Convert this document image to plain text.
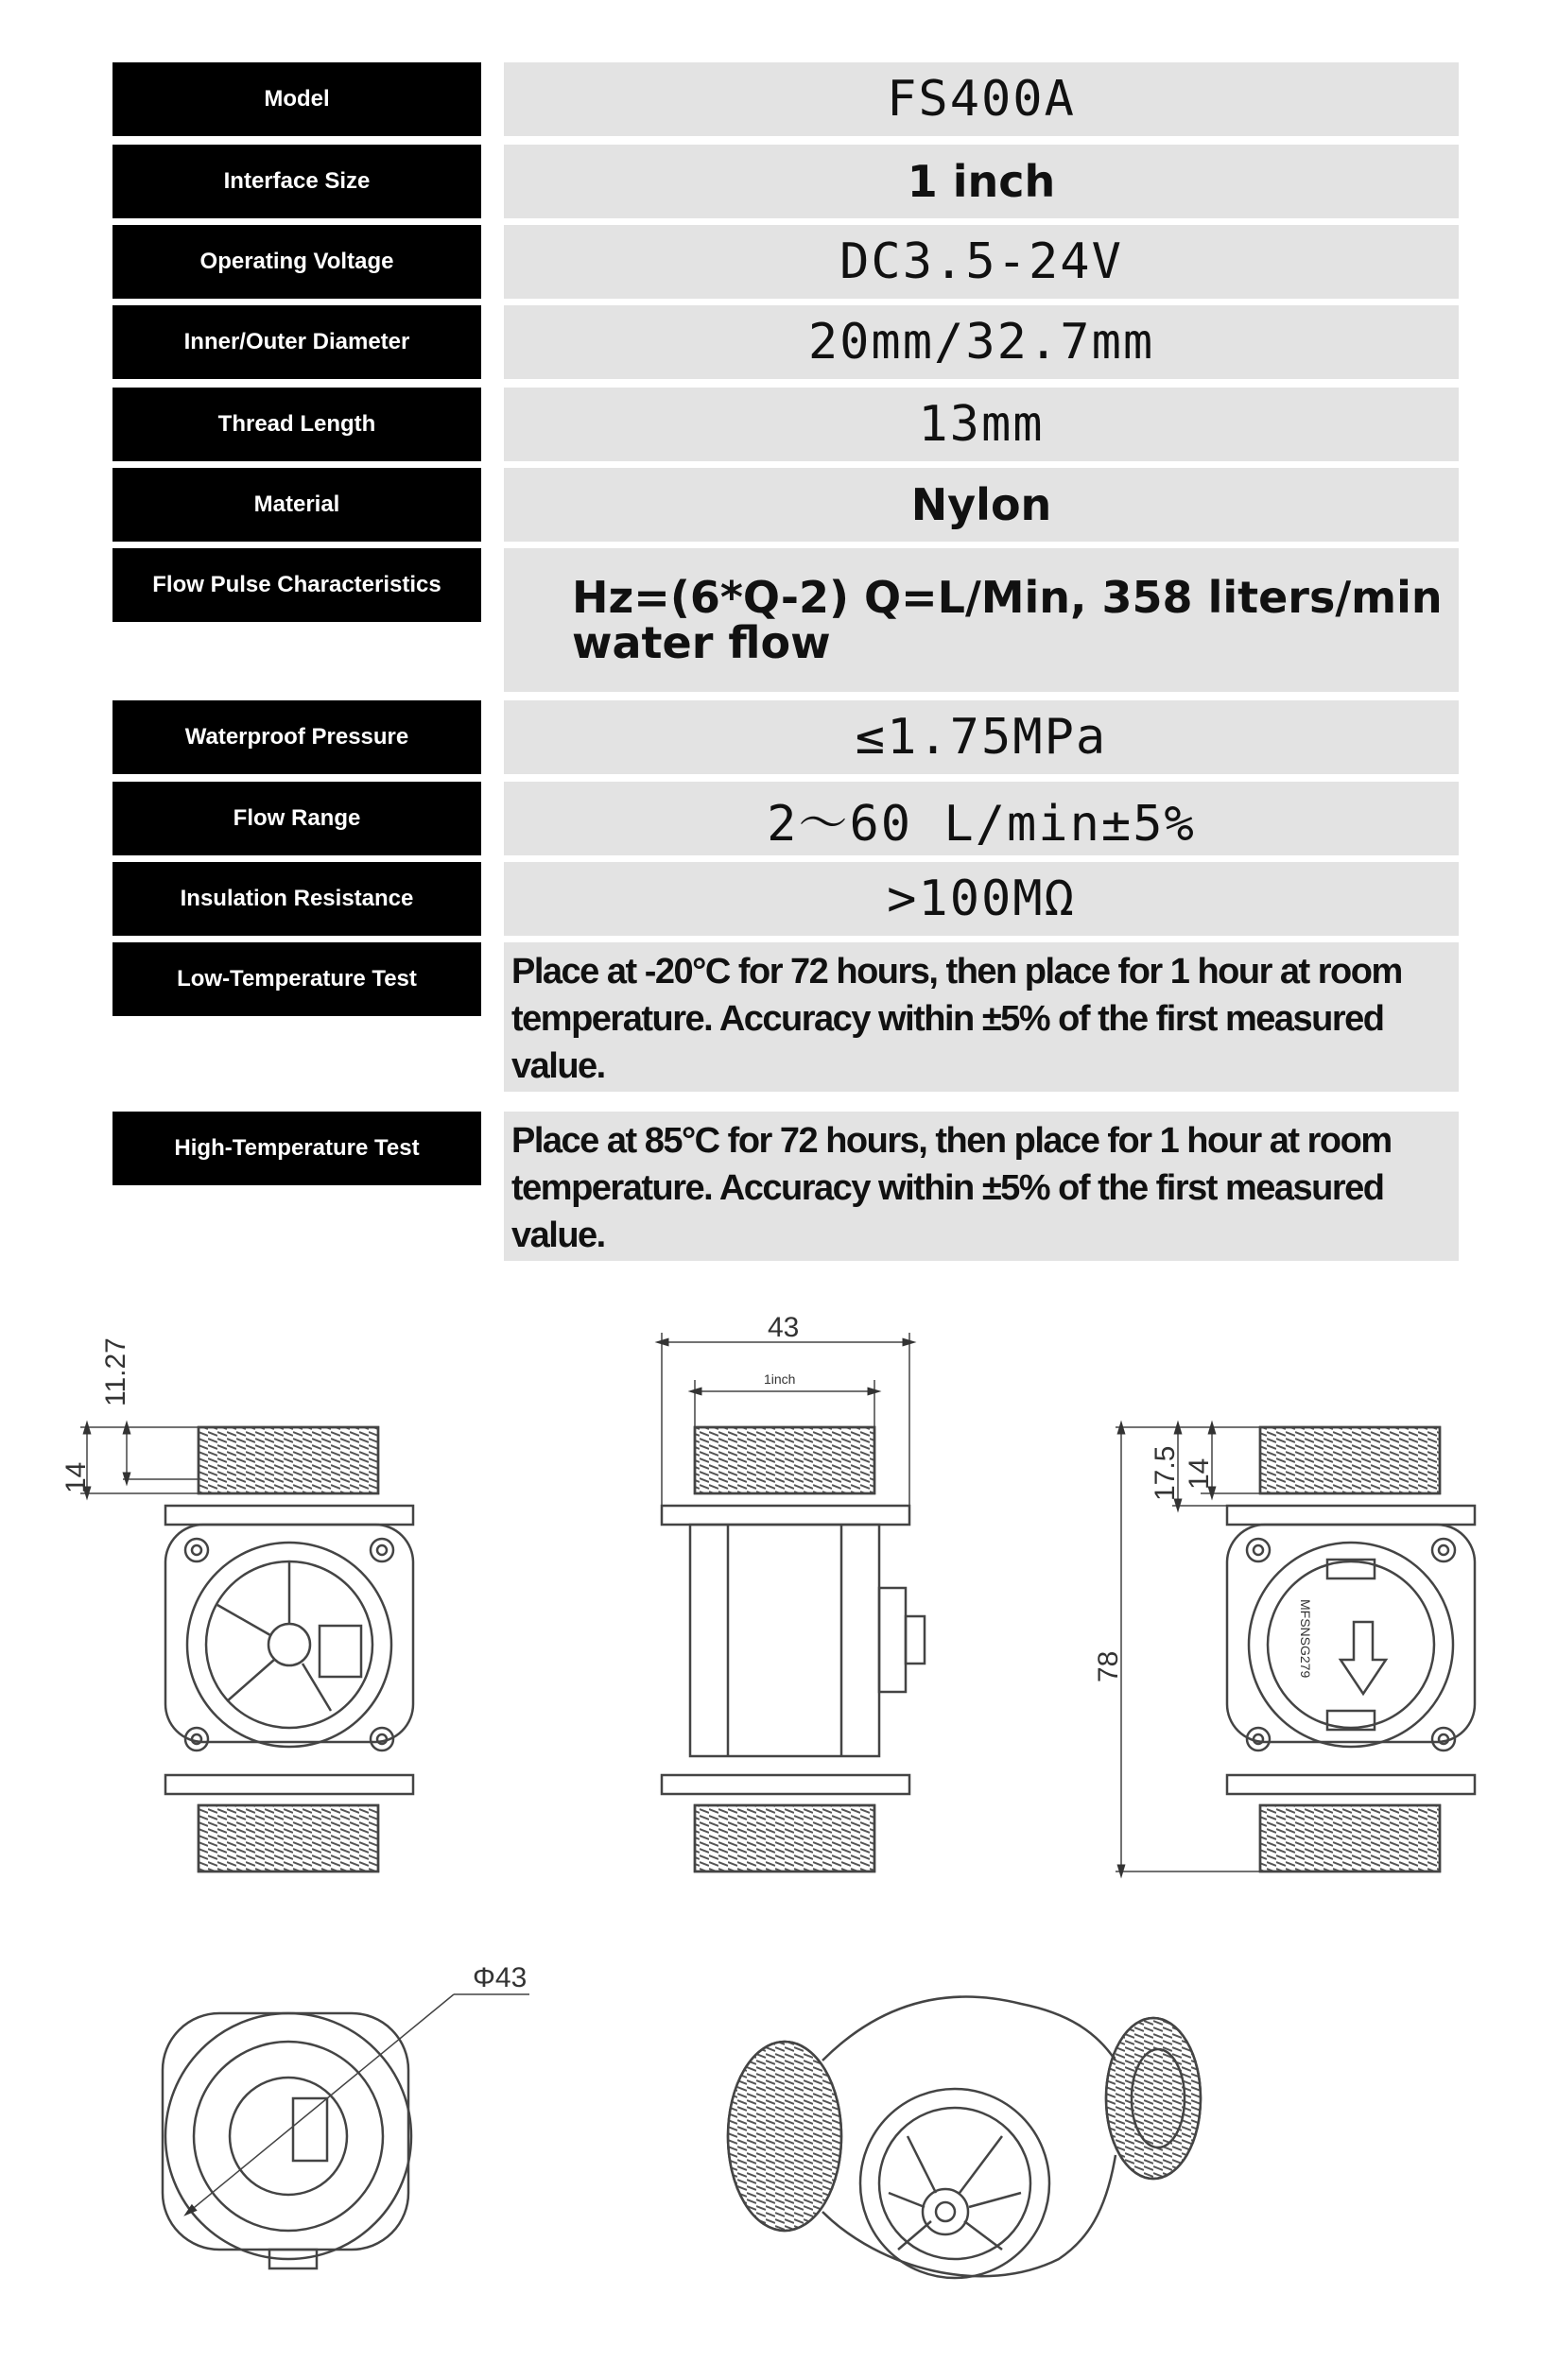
Model	FS400A
Interface Size	1 inch
Operating Voltage	DC3.5-24V
Inner/Outer Diameter	20mm/32.7mm
Thread Length	13mm
Material	Nylon
Flow Pulse Characteristics	Hz=(6*Q-2) Q=L/Min, 358 liters/min water flow
Waterproof Pressure	≤1.75MPa
Flow Range	2～60 L/min±5%
Insulation Resistance	>100MΩ
Low-Temperature Test	Place at -20°C for 72 hours, then place for 1 hour at room temperature. Accuracy within ±5% of the first measured value.
High-Temperature Test	Place at 85°C for 72 hours, then place for 1 hour at room temperature. Accuracy within ±5% of the first measured value.
14
11.27
43
1inch
MFSNSG279
78
17.5 14
Φ43
